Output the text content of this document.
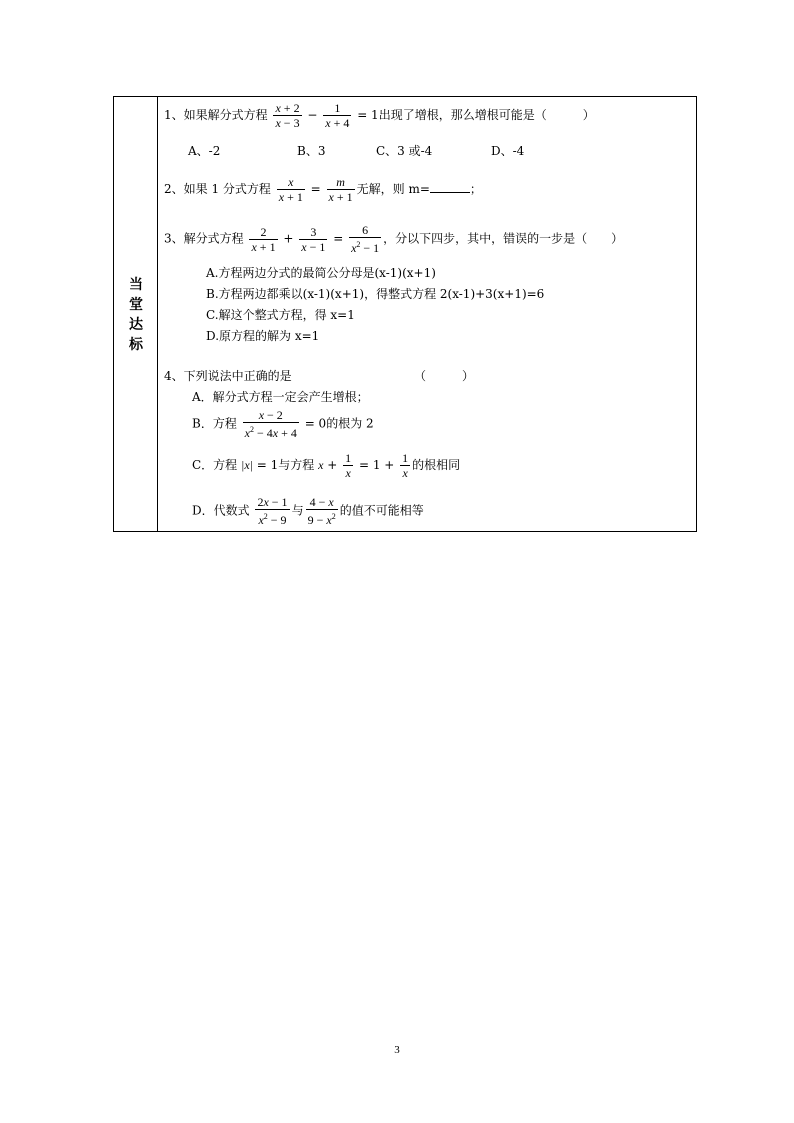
当
堂
达
标
1、如果解分式方程 $\frac{x + 2}{x - 3} - \frac{1}{x + 4} = 1$出现了增根，那么增根可能是（　　　）
A、-2	B、3	C、3 或-4	D、-4
2、如果 1 分式方程 $\frac{x}{x + 1} = \frac{m}{x + 1}$ 无解，则 m=	；
3、解分式方程 $\frac{2}{x + 1} + \frac{3}{x - 1} = \frac{6}{x^2 - 1}$ ，分以下四步，其中，错误的一步是（　　）
A.方程两边分式的最简公分母是(x-1)(x+1)
B.方程两边都乘以(x-1)(x+1)，得整式方程 2(x-1)+3(x+1)=6
C.解这个整式方程，得 x=1
D.原方程的解为 x=1
4、下列说法中正确的是	（　　　）
A．解分式方程一定会产生增根；
B．方程 $\frac{x - 2}{x^2 - 4x + 4} = 0$的根为 2
C．方程 |x| = 1与方程 $x + \frac{1}{x} = 1 + \frac{1}{x}$ 的根相同
D．代数式 $\frac{2x - 1}{x^2 - 9}$ 与 $\frac{4 - x}{9 - x^2}$ 的值不可能相等
3
